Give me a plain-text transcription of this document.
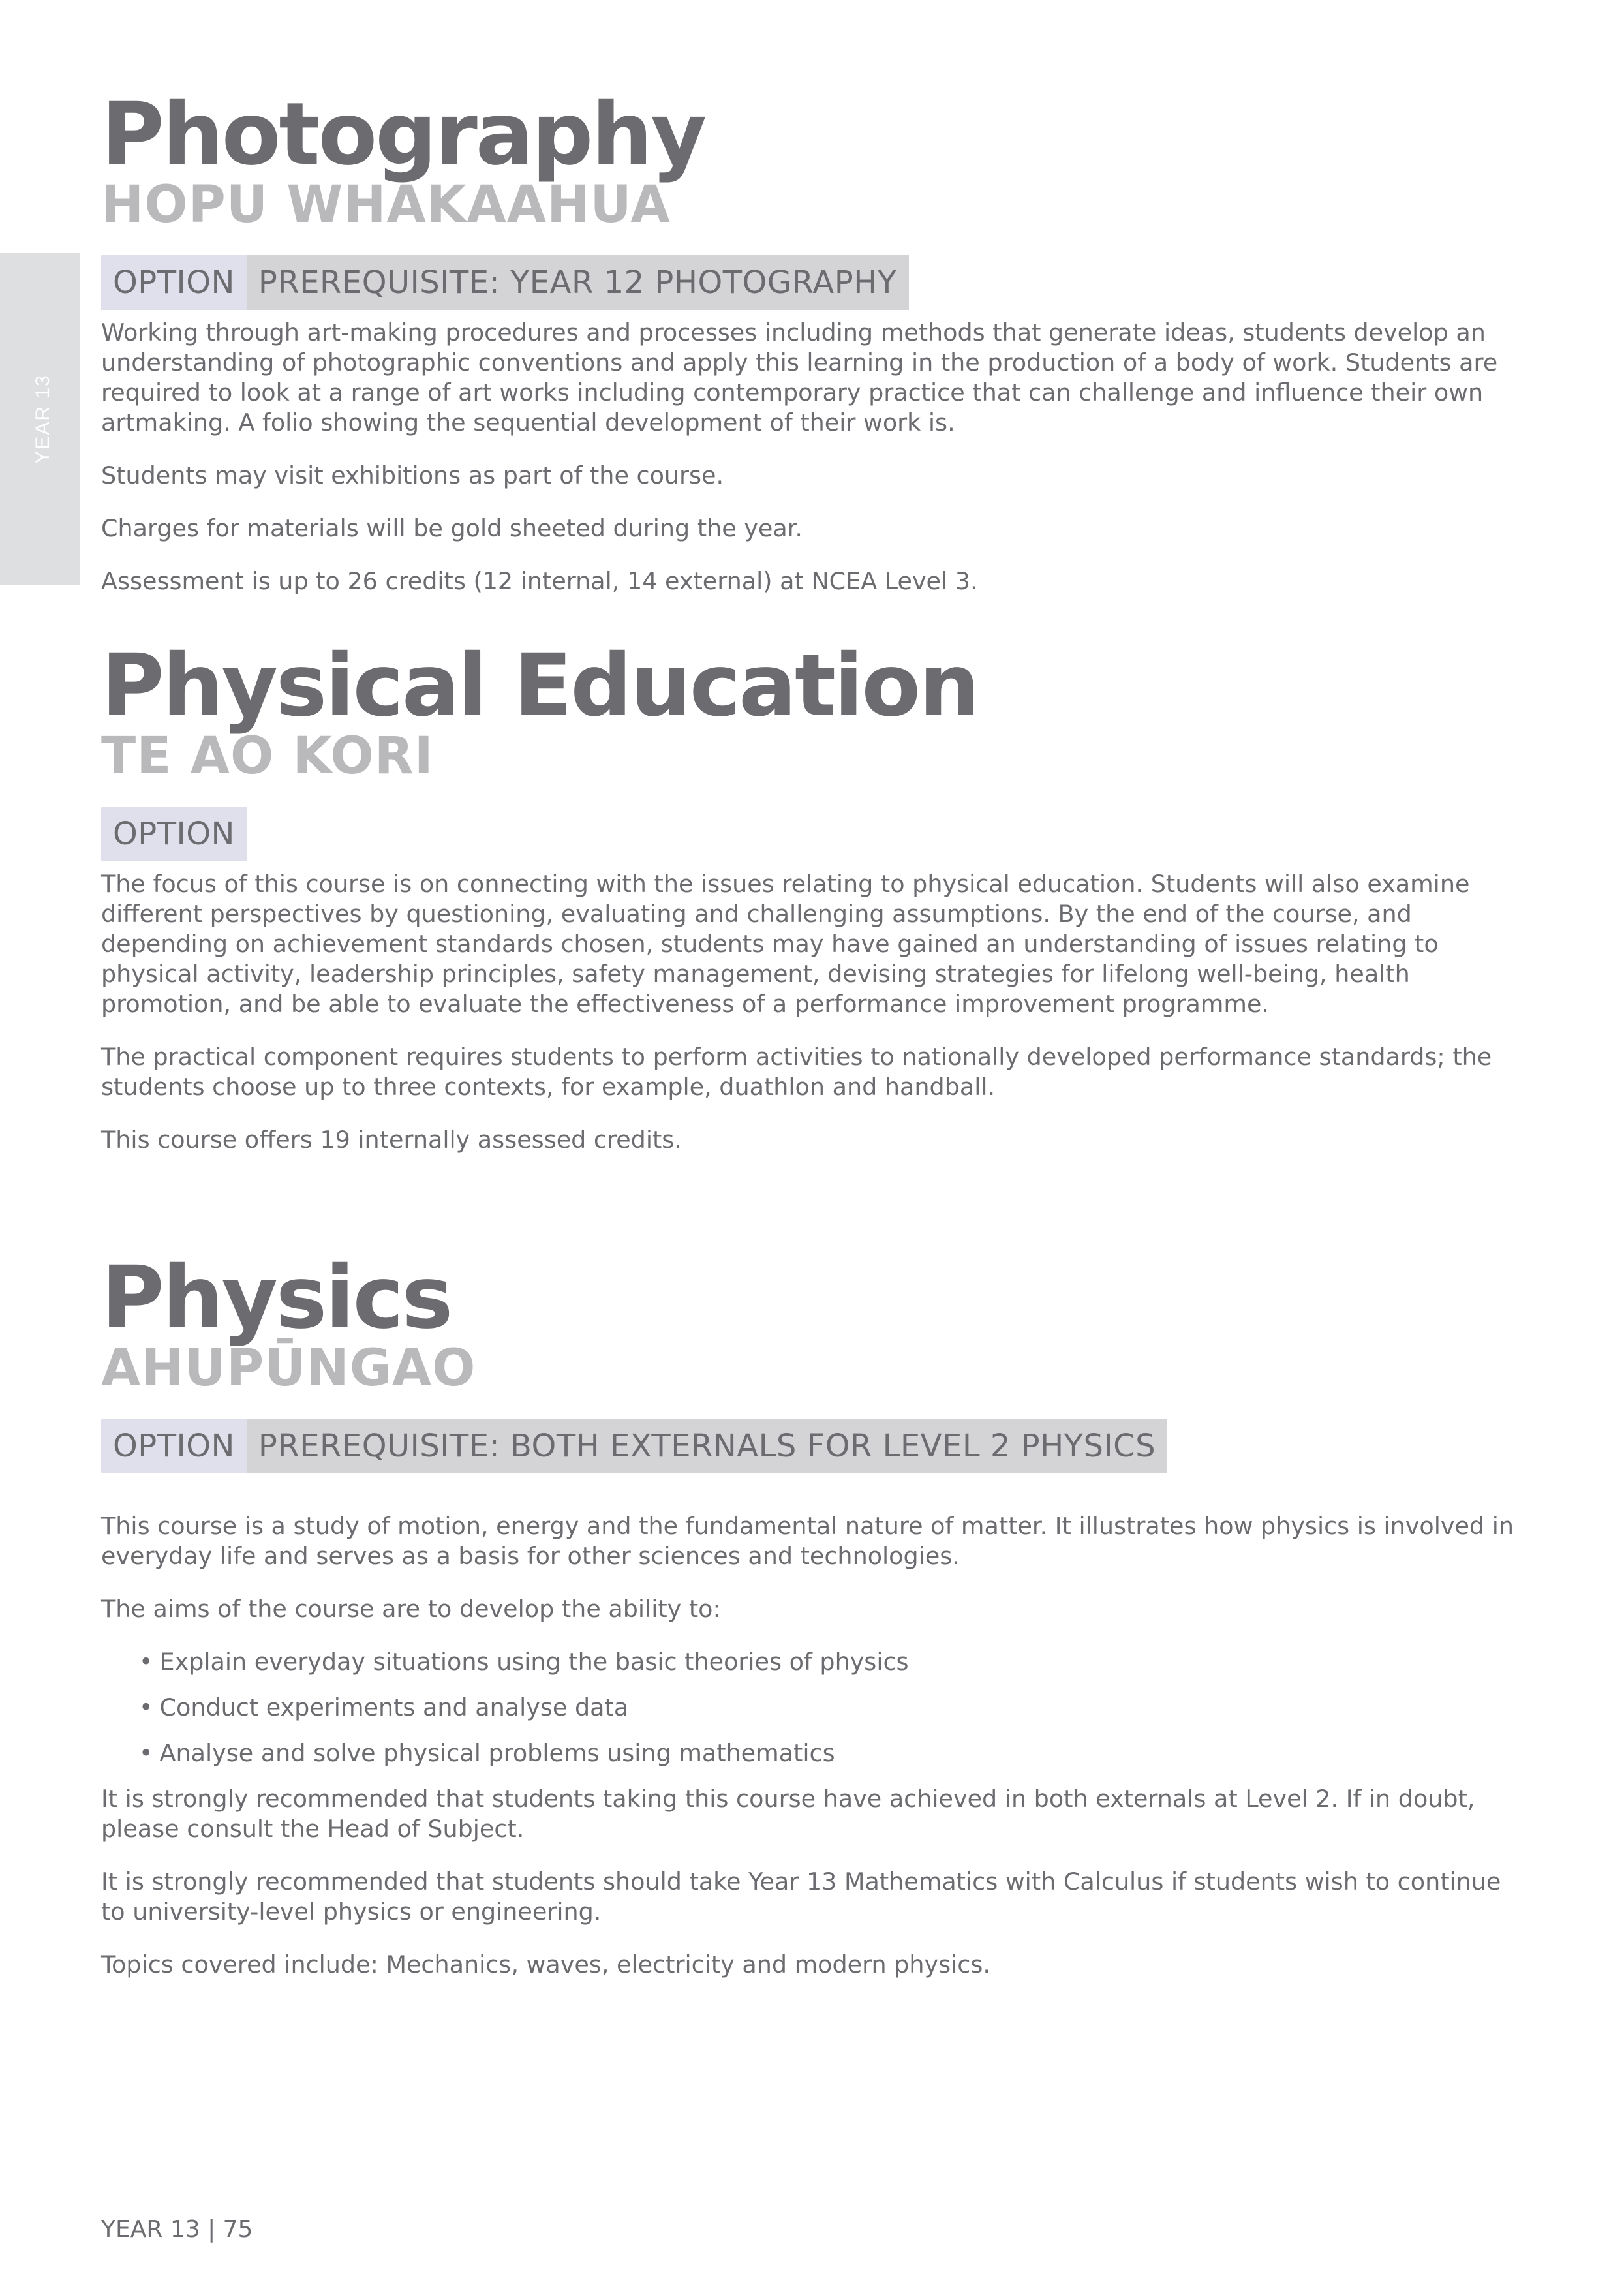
YEAR 13
Photography
HOPU WHAKAAHUA
OPTION PREREQUISITE: YEAR 12 PHOTOGRAPHY

Working through art-making procedures and processes including methods that generate ideas, students develop an understanding of photographic conventions and apply this learning in the production of a body of work. Students are required to look at a range of art works including contemporary practice that can challenge and influence their own artmaking. A folio showing the sequential development of their work is.

Students may visit exhibitions as part of the course.

Charges for materials will be gold sheeted during the year.

Assessment is up to 26 credits (12 internal, 14 external) at NCEA Level 3.

Physical Education
TE AO KORI
OPTION

The focus of this course is on connecting with the issues relating to physical education. Students will also examine different perspectives by questioning, evaluating and challenging assumptions. By the end of the course, and depending on achievement standards chosen, students may have gained an understanding of issues relating to physical activity, leadership principles, safety management, devising strategies for lifelong well-being, health promotion, and be able to evaluate the effectiveness of a performance improvement programme.

The practical component requires students to perform activities to nationally developed performance standards; the students choose up to three contexts, for example, duathlon and handball.

This course offers 19 internally assessed credits.

Physics
AHUPŪNGAO
OPTION PREREQUISITE: BOTH EXTERNALS FOR LEVEL 2 PHYSICS

This course is a study of motion, energy and the fundamental nature of matter. It illustrates how physics is involved in everyday life and serves as a basis for other sciences and technologies.

The aims of the course are to develop the ability to:

• Explain everyday situations using the basic theories of physics
• Conduct experiments and analyse data
• Analyse and solve physical problems using mathematics

It is strongly recommended that students taking this course have achieved in both externals at Level 2. If in doubt, please consult the Head of Subject.

It is strongly recommended that students should take Year 13 Mathematics with Calculus if students wish to continue to university-level physics or engineering.

Topics covered include: Mechanics, waves, electricity and modern physics.

YEAR 13 | 75
